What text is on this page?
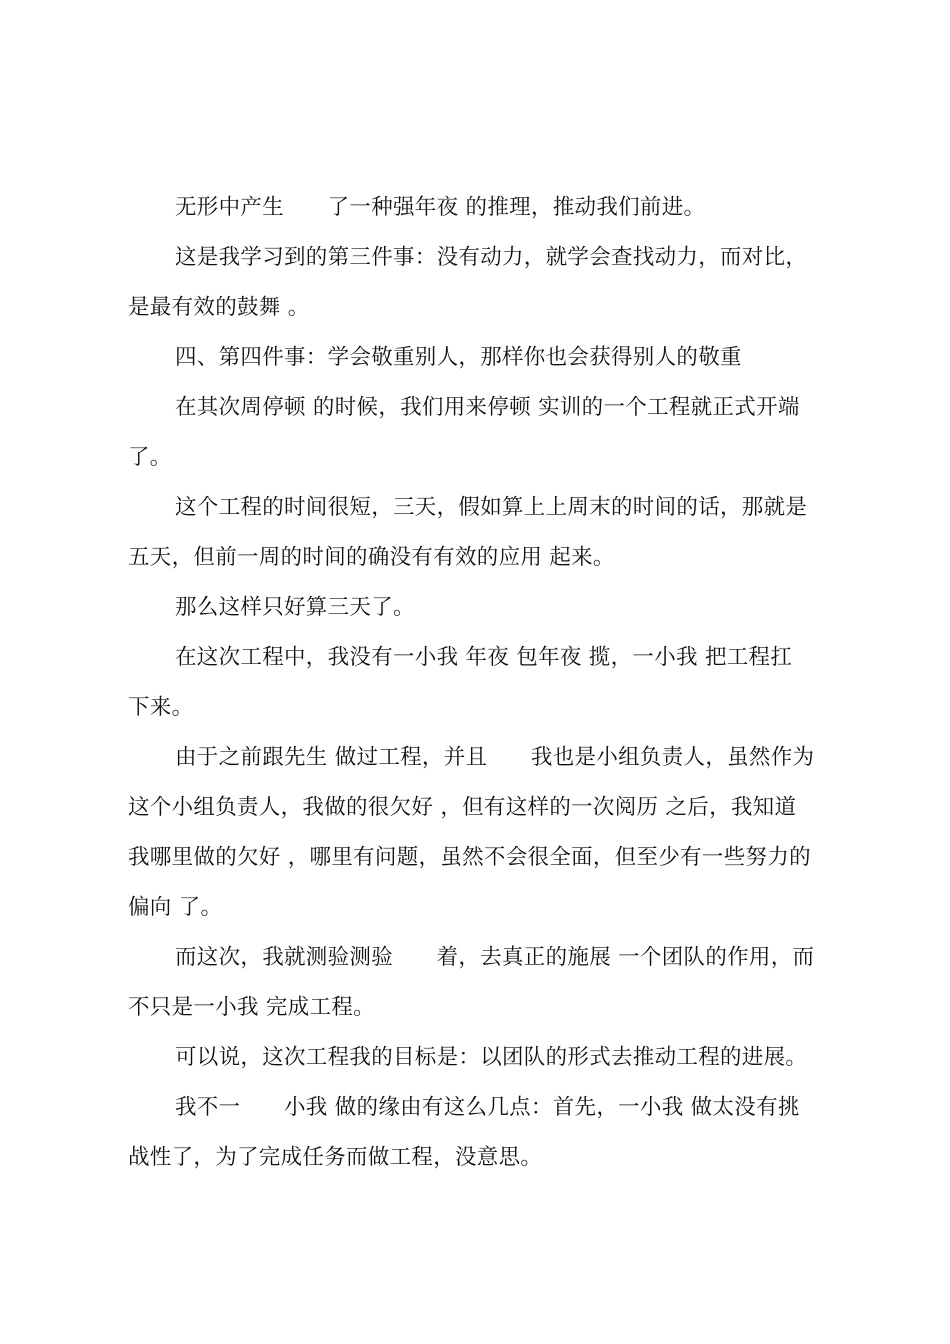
无形中产生　　了一种强年夜 的推理，推动我们前进。
这是我学习到的第三件事：没有动力，就学会查找动力，而对比，
是最有效的鼓舞 。
四、第四件事：学会敬重别人，那样你也会获得别人的敬重
在其次周停顿 的时候，我们用来停顿 实训的一个工程就正式开端
了。
这个工程的时间很短，三天，假如算上上周末的时间的话，那就是
五天，但前一周的时间的确没有有效的应用 起来。
那么这样只好算三天了。
在这次工程中，我没有一小我 年夜 包年夜 揽，一小我 把工程扛
下来。
由于之前跟先生 做过工程，并且　　我也是小组负责人，虽然作为
这个小组负责人，我做的很欠好 ，但有这样的一次阅历 之后，我知道
我哪里做的欠好 ，哪里有问题，虽然不会很全面，但至少有一些努力的
偏向 了。
而这次，我就测验测验　　着，去真正的施展 一个团队的作用，而
不只是一小我 完成工程。
可以说，这次工程我的目标是：以团队的形式去推动工程的进展。
我不一　　小我 做的缘由有这么几点：首先，一小我 做太没有挑
战性了，为了完成任务而做工程，没意思。
